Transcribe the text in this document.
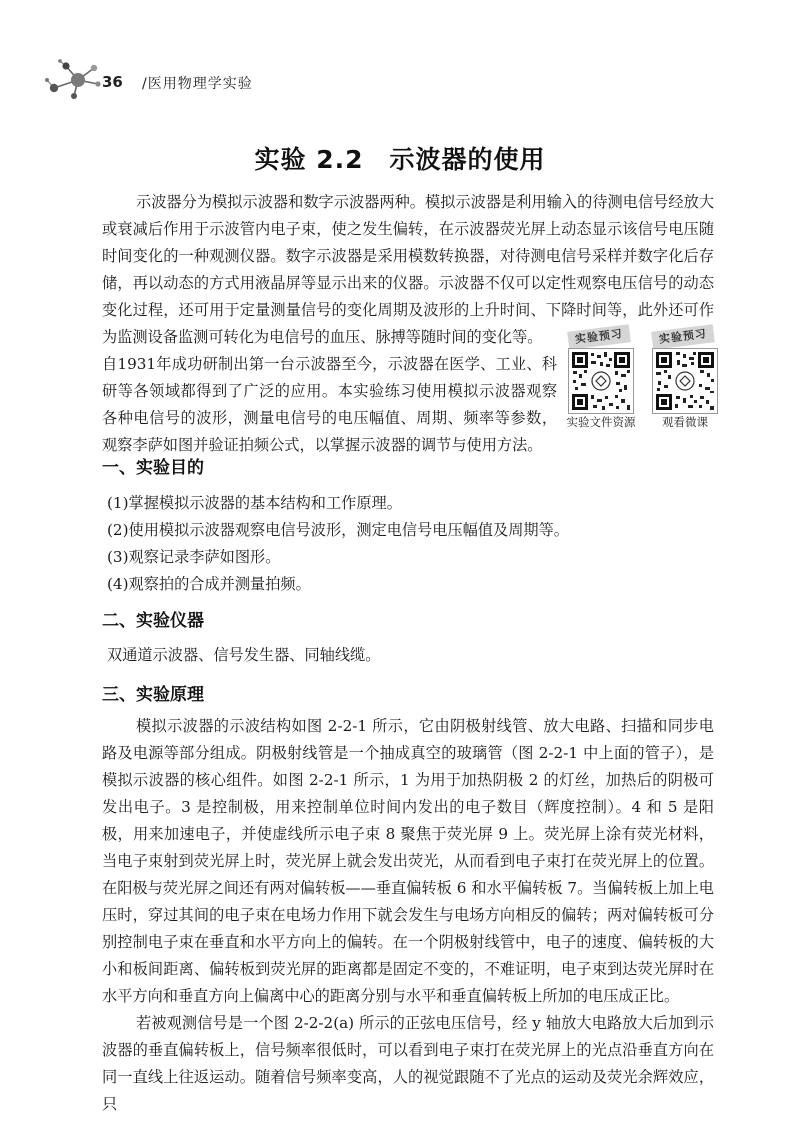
36 /医用物理学实验
实验 2.2 示波器的使用
示波器分为模拟示波器和数字示波器两种。模拟示波器是利用输入的待测电信号经放大或衰减后作用于示波管内电子束，使之发生偏转，在示波器荧光屏上动态显示该信号电压随时间变化的一种观测仪器。数字示波器是采用模数转换器，对待测电信号采样并数字化后存储，再以动态的方式用液晶屏等显示出来的仪器。示波器不仅可以定性观察电压信号的动态变化过程，还可用于定量测量信号的变化周期及波形的上升时间、下降时间等，此外还可作为监测设备监测可转化为电信号的血压、脉搏等随时间的变化等。
自1931年成功研制出第一台示波器至今，示波器在医学、工业、科研等各领域都得到了广泛的应用。本实验练习使用模拟示波器观察各种电信号的波形，测量电信号的电压幅值、周期、频率等参数，观察李萨如图并验证拍频公式，以掌握示波器的调节与使用方法。
实验预习
实验文件资源
实验预习
观看微课
一、实验目的
(1)掌握模拟示波器的基本结构和工作原理。
(2)使用模拟示波器观察电信号波形，测定电信号电压幅值及周期等。
(3)观察记录李萨如图形。
(4)观察拍的合成并测量拍频。
二、实验仪器
双通道示波器、信号发生器、同轴线缆。
三、实验原理

模拟示波器的示波结构如图 2-2-1 所示，它由阴极射线管、放大电路、扫描和同步电路及电源等部分组成。阴极射线管是一个抽成真空的玻璃管（图 2-2-1 中上面的管子），是模拟示波器的核心组件。如图 2-2-1 所示，1 为用于加热阴极 2 的灯丝，加热后的阴极可发出电子。3 是控制极，用来控制单位时间内发出的电子数目（辉度控制）。4 和 5 是阳极，用来加速电子，并使虚线所示电子束 8 聚焦于荧光屏 9 上。荧光屏上涂有荧光材料，当电子束射到荧光屏上时，荧光屏上就会发出荧光，从而看到电子束打在荧光屏上的位置。在阳极与荧光屏之间还有两对偏转板——垂直偏转板 6 和水平偏转板 7。当偏转板上加上电压时，穿过其间的电子束在电场力作用下就会发生与电场方向相反的偏转；两对偏转板可分别控制电子束在垂直和水平方向上的偏转。在一个阴极射线管中，电子的速度、偏转板的大小和板间距离、偏转板到荧光屏的距离都是固定不变的，不难证明，电子束到达荧光屏时在水平方向和垂直方向上偏离中心的距离分别与水平和垂直偏转板上所加的电压成正比。

若被观测信号是一个图 2-2-2(a) 所示的正弦电压信号，经 y 轴放大电路放大后加到示波器的垂直偏转板上，信号频率很低时，可以看到电子束打在荧光屏上的光点沿垂直方向在同一直线上往返运动。随着信号频率变高，人的视觉跟随不了光点的运动及荧光余辉效应，只
